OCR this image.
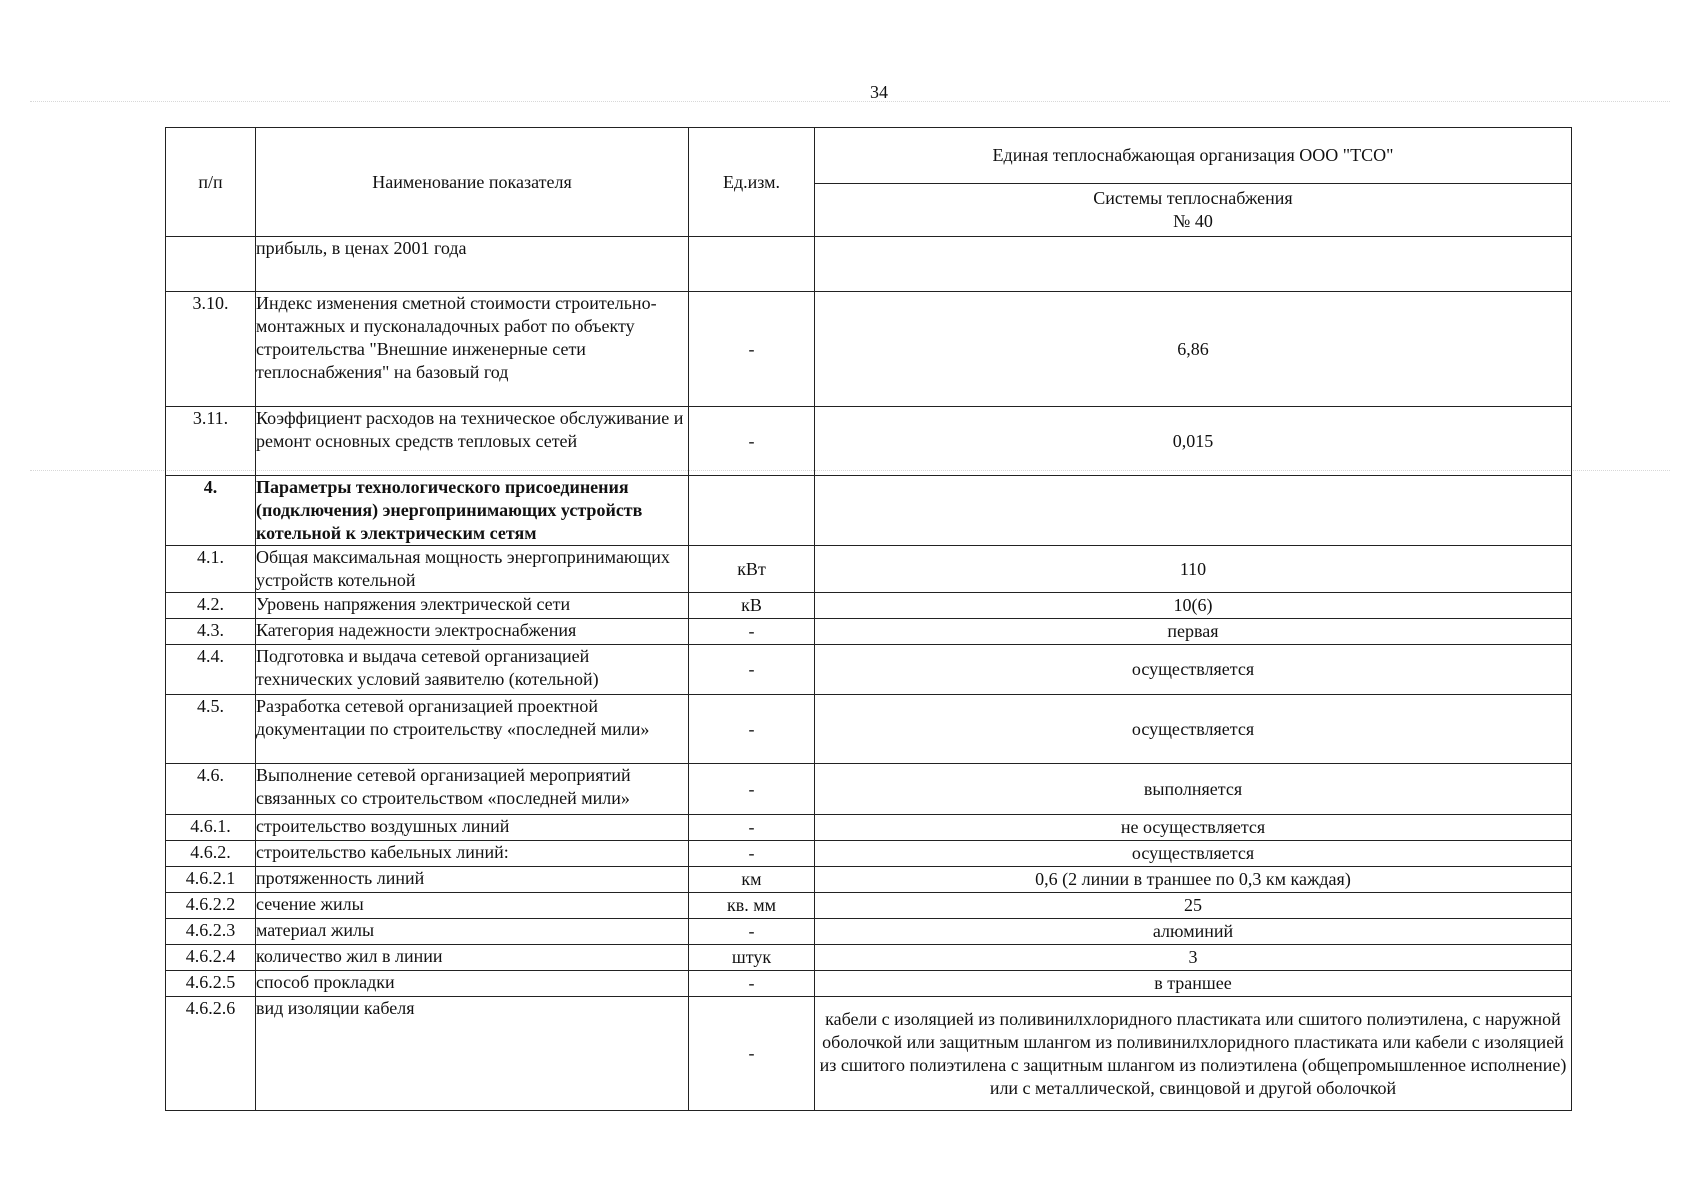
34
п/п	Наименование показателя	Ед.изм.	Единая теплоснабжающая организация ООО "ТСО"

			Системы теплоснабжения
№ 40

	прибыль, в ценах 2001 года		
3.10.	Индекс изменения сметной стоимости строительно-монтажных и пусконаладочных работ по объекту строительства "Внешние инженерные сети теплоснабжения" на базовый год	-	6,86
3.11.	Коэффициент расходов на техническое обслуживание и ремонт основных средств тепловых сетей	-	0,015
4.	Параметры технологического присоединения (подключения) энергопринимающих устройств котельной к электрическим сетям		
4.1.	Общая максимальная мощность энергопринимающих устройств котельной	кВт	110
4.2.	Уровень напряжения электрической сети	кВ	10(6)
4.3.	Категория надежности электроснабжения	-	первая
4.4.	Подготовка и выдача сетевой организацией технических условий заявителю (котельной)	-	осуществляется
4.5.	Разработка сетевой организацией проектной документации по строительству «последней мили»	-	осуществляется
4.6.	Выполнение сетевой организацией мероприятий связанных со строительством «последней мили»	-	выполняется
4.6.1.	строительство воздушных линий	-	не осуществляется
4.6.2.	строительство кабельных линий:	-	осуществляется
4.6.2.1	протяженность линий	км	0,6 (2 линии в траншее по 0,3 км каждая)
4.6.2.2	сечение жилы	кв. мм	25
4.6.2.3	материал жилы	-	алюминий
4.6.2.4	количество жил в линии	штук	3
4.6.2.5	способ прокладки	-	в траншее
4.6.2.6	вид изоляции кабеля	-	кабели с изоляцией из поливинилхлоридного пластиката или сшитого полиэтилена, с наружной оболочкой или защитным шлангом из поливинилхлоридного пластиката или кабели с изоляцией из сшитого полиэтилена с защитным шлангом из полиэтилена (общепромышленное исполнение) или с металлической, свинцовой и другой оболочкой
